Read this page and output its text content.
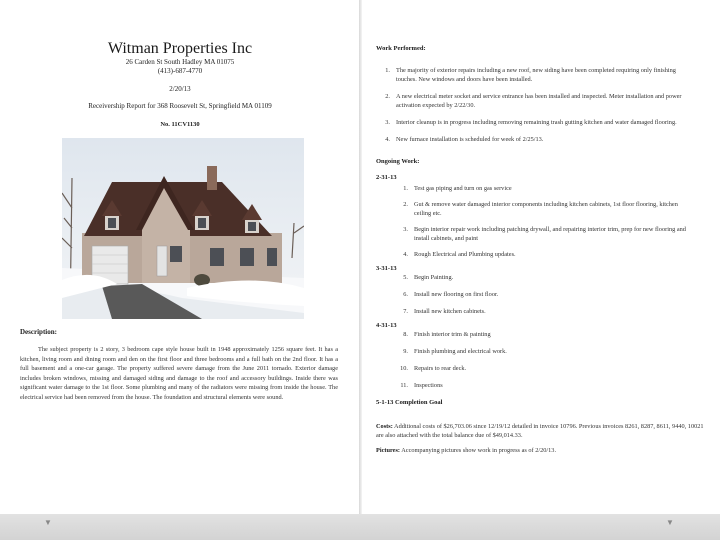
Witman Properties Inc
26 Carden St South Hadley MA 01075
(413)-687-4770
2/20/13
Receivership Report for 368 Roosevelt St, Springfield MA 01109
No. 11CV1130
Description:
The subject property is 2 story, 3 bedroom cape style house built in 1948 approximately 1256 square feet. It has a kitchen, living room and dining room and den on the first floor and three bedrooms and a full bath on the 2nd floor. It has a full basement and a one-car garage. The property suffered severe damage from the June 2011 tornado. Exterior damage includes broken windows, missing and damaged siding and damage to the roof and accessory buildings. Inside there was significant water damage to the 1st floor. Some plumbing and many of the radiators were missing from inside the house. The electrical service had been removed from the house. The foundation and structural elements were sound.
Work Performed:
1. The majority of exterior repairs including a new roof, new siding have been completed requiring only finishing touches. New windows and doors have been installed.
2. A new electrical meter socket and service entrance has been installed and inspected. Meter installation and power activation expected by 2/22/30.
3. Interior cleanup is in progress including removing remaining trash gutting kitchen and water damaged flooring.
4. New furnace installation is scheduled for week of 2/25/13.
Ongoing Work:
2-31-13
1. Test gas piping and turn on gas service
2. Gut & remove water damaged interior components including kitchen cabinets, 1st floor flooring, kitchen ceiling etc.
3. Begin interior repair work including patching drywall, and repairing interior trim, prep for new flooring and install cabinets, and paint
4. Rough Electrical and Plumbing updates.
3-31-13
5. Begin Painting.
6. Install new flooring on first floor.
7. Install new kitchen cabinets.
4-31-13
8. Finish interior trim & painting
9. Finish plumbing and electrical work.
10. Repairs to rear deck.
11. Inspections
5-1-13 Completion Goal
Costs: Additional costs of $26,703.06 since 12/19/12 detailed in invoice 10796. Previous invoices 8261, 8287, 8611, 9440, 10021 are also attached with the total balance due of $49,014.33.
Pictures: Accompanying pictures show work in progress as of 2/20/13.
▼	▼
